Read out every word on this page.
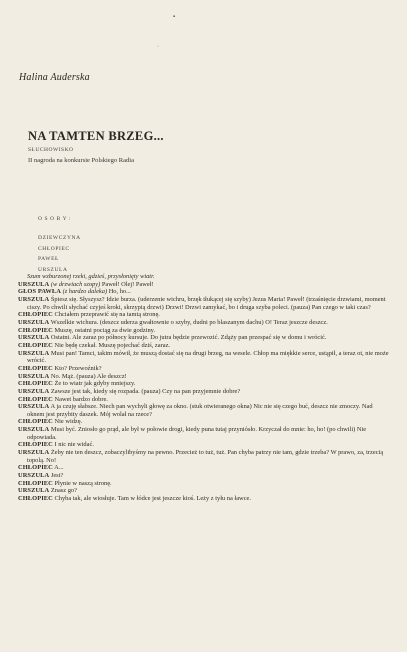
▪
·
Halina Auderska
NA TAMTEN BRZEG...
SŁUCHOWISKO
II nagroda na konkursie Polskiego Radia
OSOBY:
DZIEWCZYNA
CHŁOPIEC
PAWEŁ
URSZULA

Szum wzburzonej rzeki, gdzieś, przysłonięty wiatr.

URSZULA (w drzwiach szopy) Paweł! Olej! Paweł!

GŁOS PAWŁA (z hardzo daleka) Ho, ho...

URSZULA Śpiesz się. Słyszysz? Idzie burza. (uderzenie wichru, brzęk tłukącej się szyby) Jezus Maria! Paweł! (trzaśnięcie drzwiami, moment ciszy. Po chwili słychać czyjeś kroki, skrzypią drzwi) Drzwi! Drzwi zamykać, bo i druga szyba poleci. (pauza) Pan czego w taki czas?

CHŁOPIEC Chciałem przeprawić się na tamtą stronę.

URSZULA Wszelkie wichura. (deszcz uderza gwałtownie o szyby, dudni po blaszanym dachu) O! Teraz jeszcze deszcz.

CHŁOPIEC Muszę, ostatni pociąg za dwie godziny.

URSZULA Ostatni. Ale zaraz po północy kursuje. Do jutra będzie przewozić. Zdąży pan przespać się w domu i wrócić.

CHŁOPIEC Nie będę czekał. Muszę pojechać dziś, zaraz.

URSZULA Musi pan! Tamci, takim mówił, że muszą dostać się na drugi brzeg, na wesele. Chłop ma miękkie serce, ustąpił, a teraz ot, nie może wrócić.

CHŁOPIEC Kto? Przewoźnik?

URSZULA No. Mąż. (pauza) Ale deszcz!

CHŁOPIEC Że to wiatr jak gdyby mniejszy.

URSZULA Zawsze jest tak, kiedy się rozpada. (pauza) Czy na pan przyjemnie dobre?

CHŁOPIEC Nawet bardzo dobre.

URSZULA A ja czuję słabsze. Niech pan wychyli głowę za okno. (stuk otwieranego okna) Nic nie się czego buć, deszcz nie zmoczy. Nad oknem jest przybity daszek. Mój wolał na rzece?

CHŁOPIEC Nie widzę.

URSZULA Musi być. Zniosło go prąd, ale był w połowie drogi, kiedy puna tutaj przyniósło. Krzyczał do mnie: ho, ho! (po chwili) Nie odpowiada.

CHŁOPIEC I nic nie widać.

URSZULA Żeby nie ten deszcz, zobaczylibyśmy na pewno. Przecież to tuż, tuż. Pan chyba patrzy nie tam, gdzie trzeba? W prawo, za, trzecią topolą. No!

CHŁOPIEC A...

URSZULA Jest?

CHŁOPIEC Płynie w naszą stronę.

URSZULA Znasz go?

CHŁOPIEC Chyba tak, ale wiosłuje. Tam w łódce jest jeszcze ktoś. Leży z tyłu na ławce.
